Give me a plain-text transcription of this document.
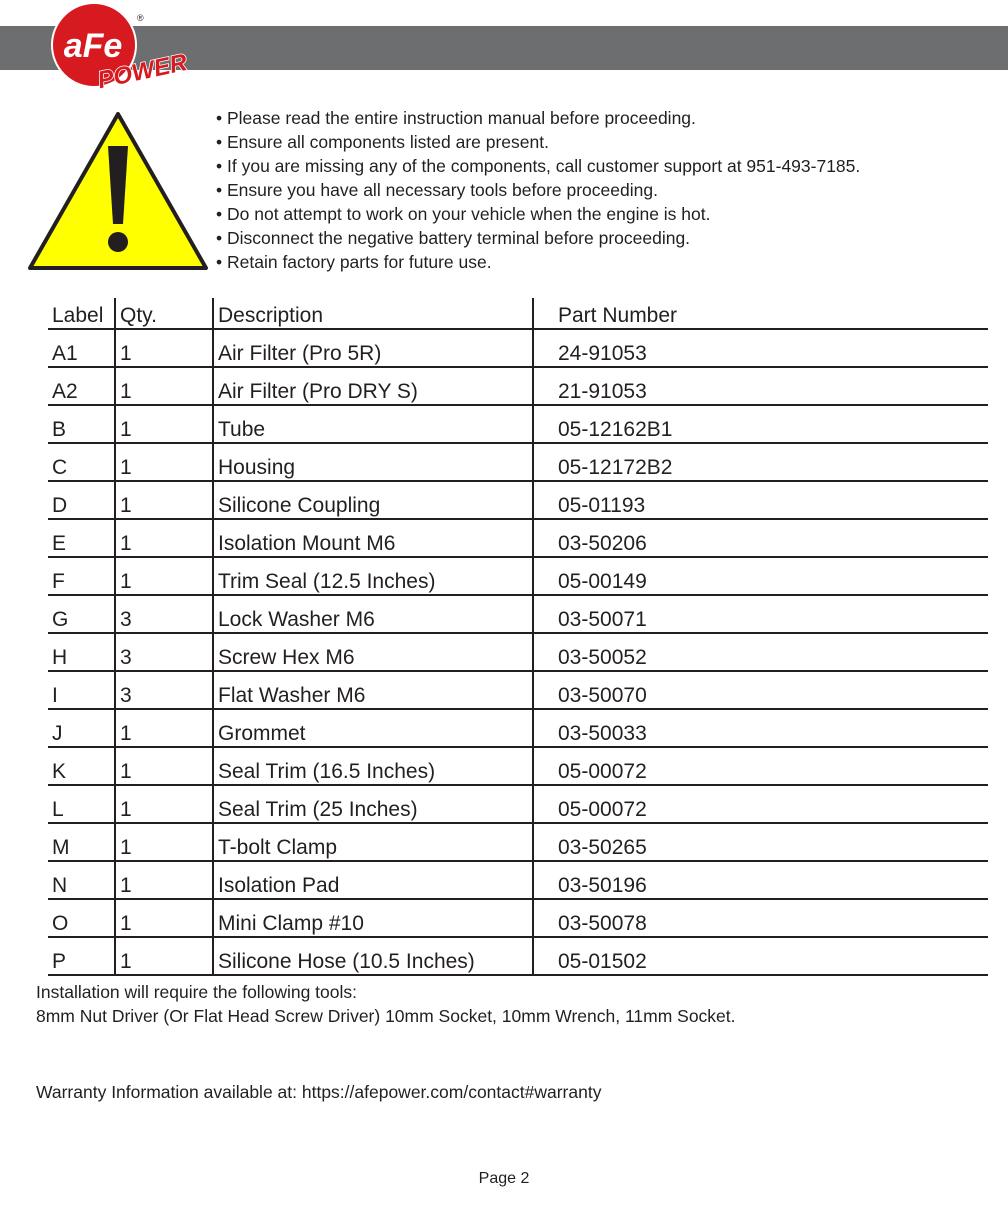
aFe
®
POWER
• Please read the entire instruction manual before proceeding.
• Ensure all components listed are present.
• If you are missing any of the components, call customer support at 951-493-7185.
• Ensure you have all necessary tools before proceeding.
• Do not attempt to work on your vehicle when the engine is hot.
• Disconnect the negative battery terminal before proceeding.
• Retain factory parts for future use.
Label	Qty.	Description	Part Number
A1	1	Air Filter (Pro 5R)	24-91053
A2	1	Air Filter (Pro DRY S)	21-91053
B	1	Tube	05-12162B1
C	1	Housing	05-12172B2
D	1	Silicone Coupling	05-01193
E	1	Isolation Mount M6	03-50206
F	1	Trim Seal (12.5 Inches)	05-00149
G	3	Lock Washer M6	03-50071
H	3	Screw Hex M6	03-50052
I	3	Flat Washer M6	03-50070
J	1	Grommet	03-50033
K	1	Seal Trim (16.5 Inches)	05-00072
L	1	Seal Trim (25 Inches)	05-00072
M	1	T-bolt Clamp	03-50265
N	1	Isolation Pad	03-50196
O	1	Mini Clamp #10	03-50078
P	1	Silicone Hose (10.5 Inches)	05-01502
Installation will require the following tools:
8mm Nut Driver (Or Flat Head Screw Driver) 10mm Socket, 10mm Wrench, 11mm Socket.
Warranty Information available at: https://afepower.com/contact#warranty
Page 2
